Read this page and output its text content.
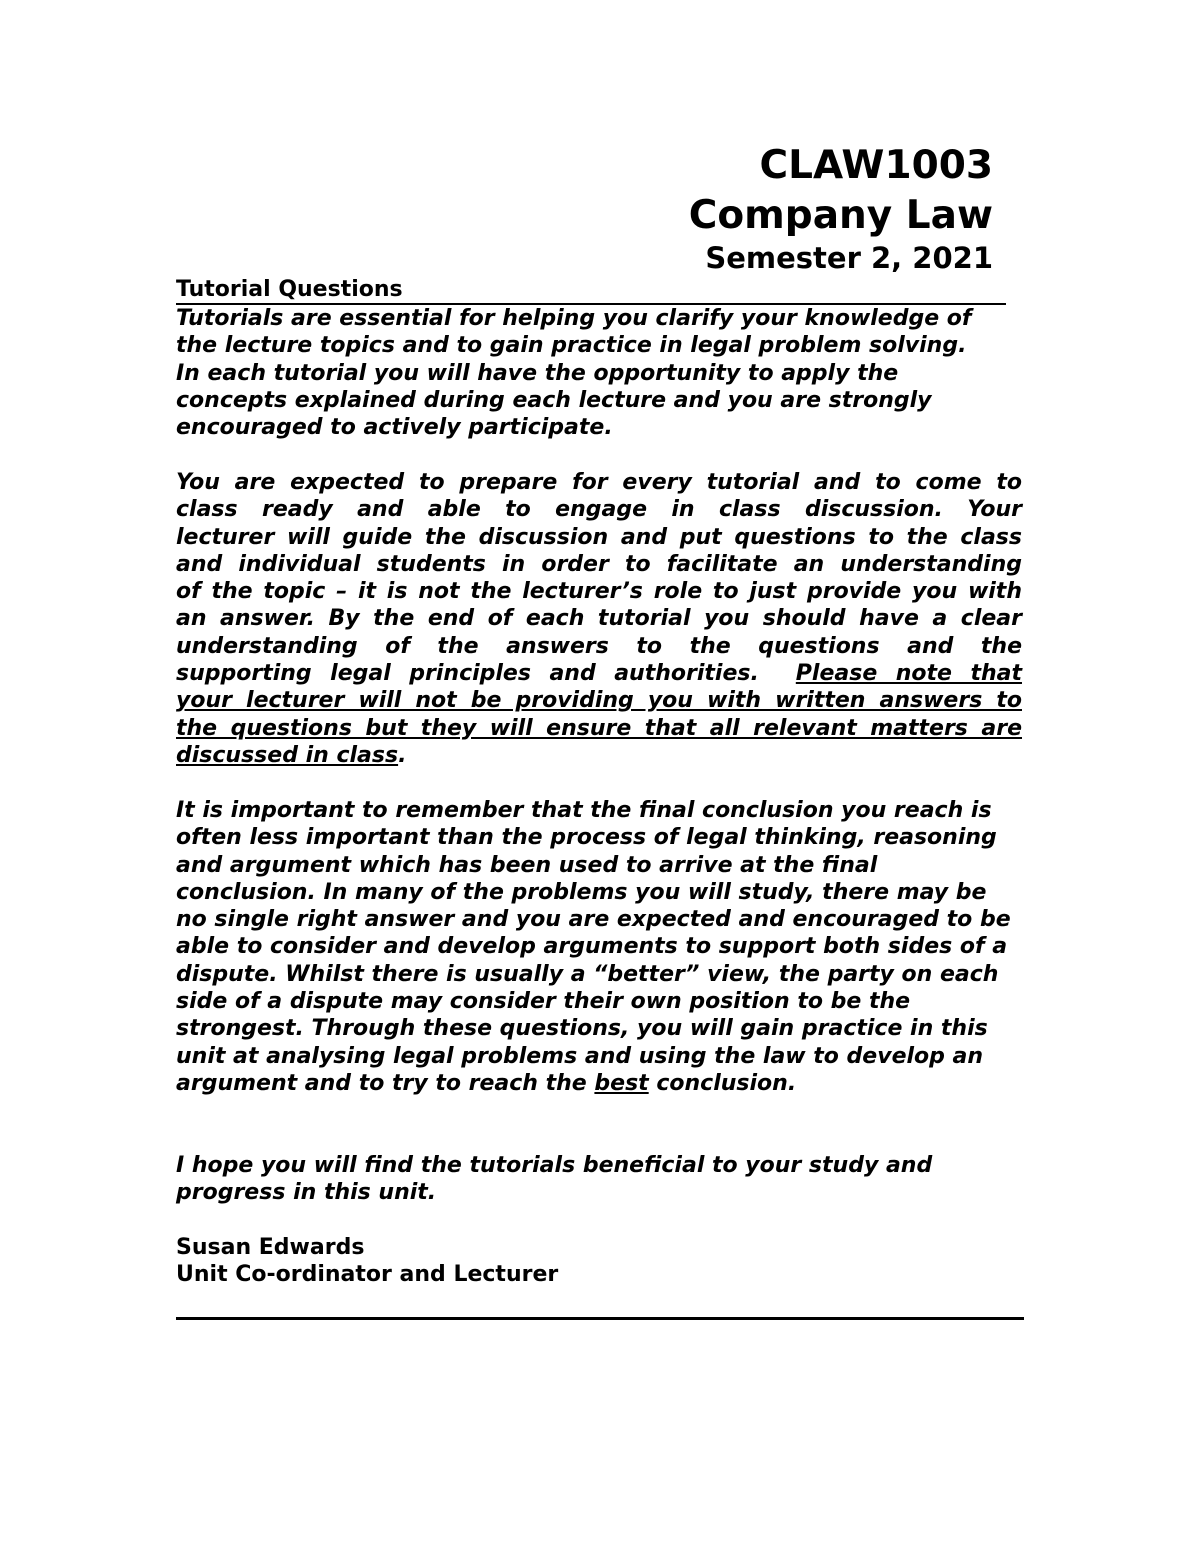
CLAW1003
Company Law
Semester 2, 2021
Tutorial Questions

Tutorials are essential for helping you clarify your knowledge of the lecture topics and to gain practice in legal problem solving. In each tutorial you will have the opportunity to apply the concepts explained during each lecture and you are strongly encouraged to actively participate.

You are expected to prepare for every tutorial and to come to
class ready and able to engage in class discussion. Your
lecturer will guide the discussion and put questions to the class
and individual students in order to facilitate an understanding
of the topic – it is not the lecturer’s role to just provide you with
an answer. By the end of each tutorial you should have a clear
understanding of the answers to the questions and the
supporting legal principles and authorities. Please note that
your lecturer will not be providing you with written answers to
the questions but they will ensure that all relevant matters are
discussed in class.

It is important to remember that the final conclusion you reach is often less important than the process of legal thinking, reasoning and argument which has been used to arrive at the final conclusion. In many of the problems you will study, there may be no single right answer and you are expected and encouraged to be able to consider and develop arguments to support both sides of a dispute. Whilst there is usually a “better” view, the party on each side of a dispute may consider their own position to be the strongest. Through these questions, you will gain practice in this unit at analysing legal problems and using the law to develop an argument and to try to reach the best conclusion.

I hope you will find the tutorials beneficial to your study and progress in this unit.

Susan Edwards
Unit Co-ordinator and Lecturer
